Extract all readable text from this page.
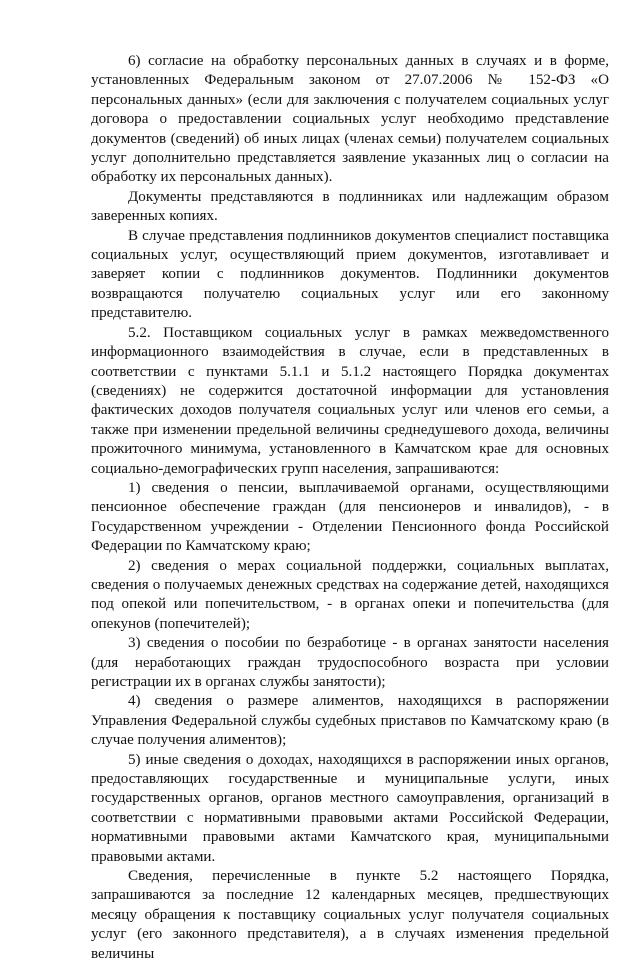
6) согласие на обработку персональных данных в случаях и в форме, установленных Федеральным законом от 27.07.2006 № 152-ФЗ «О персональных данных» (если для заключения с получателем социальных услуг договора о предоставлении социальных услуг необходимо представление документов (сведений) об иных лицах (членах семьи) получателем социальных услуг дополнительно представляется заявление указанных лиц о согласии на обработку их персональных данных).

Документы представляются в подлинниках или надлежащим образом заверенных копиях.

В случае представления подлинников документов специалист поставщика социальных услуг, осуществляющий прием документов, изготавливает и заверяет копии с подлинников документов. Подлинники документов возвращаются получателю социальных услуг или его законному представителю.

5.2. Поставщиком социальных услуг в рамках межведомственного информационного взаимодействия в случае, если в представленных в соответствии с пунктами 5.1.1 и 5.1.2 настоящего Порядка документах (сведениях) не содержится достаточной информации для установления фактических доходов получателя социальных услуг или членов его семьи, а также при изменении предельной величины среднедушевого дохода, величины прожиточного минимума, установленного в Камчатском крае для основных социально-демографических групп населения, запрашиваются:

1) сведения о пенсии, выплачиваемой органами, осуществляющими пенсионное обеспечение граждан (для пенсионеров и инвалидов), - в Государственном учреждении - Отделении Пенсионного фонда Российской Федерации по Камчатскому краю;

2) сведения о мерах социальной поддержки, социальных выплатах, сведения о получаемых денежных средствах на содержание детей, находящихся под опекой или попечительством, - в органах опеки и попечительства (для опекунов (попечителей);

3) сведения о пособии по безработице - в органах занятости населения (для неработающих граждан трудоспособного возраста при условии регистрации их в органах службы занятости);

4) сведения о размере алиментов, находящихся в распоряжении Управления Федеральной службы судебных приставов по Камчатскому краю (в случае получения алиментов);

5) иные сведения о доходах, находящихся в распоряжении иных органов, предоставляющих государственные и муниципальные услуги, иных государственных органов, органов местного самоуправления, организаций в соответствии с нормативными правовыми актами Российской Федерации, нормативными правовыми актами Камчатского края, муниципальными правовыми актами.

Сведения, перечисленные в пункте 5.2 настоящего Порядка, запрашиваются за последние 12 календарных месяцев, предшествующих месяцу обращения к поставщику социальных услуг получателя социальных услуг (его законного представителя), а в случаях изменения предельной величины
